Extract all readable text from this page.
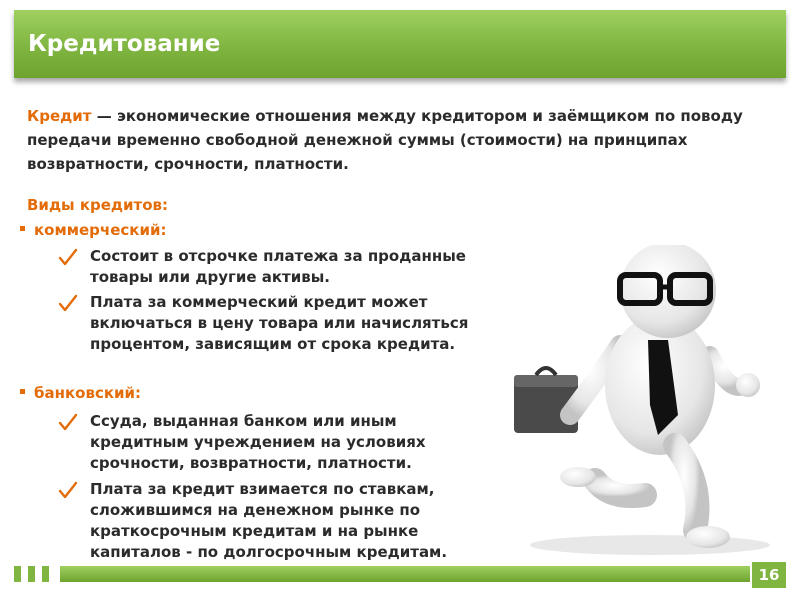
Кредитование
Кредит — экономические отношения между кредитором и заёмщиком по поводу передачи временно свободной денежной суммы (стоимости) на принципах возвратности, срочности, платности.
Виды кредитов:
коммерческий:
Состоит в отсрочке платежа за проданные товары или другие активы.
Плата за коммерческий кредит может включаться в цену товара или начисляться процентом, зависящим от срока кредита.
банковский:
Ссуда, выданная банком или иным кредитным учреждением на условиях срочности, возвратности, платности.
Плата за кредит взимается по ставкам, сложившимся на денежном рынке по краткосрочным кредитам и на рынке капиталов - по долгосрочным кредитам.
16
